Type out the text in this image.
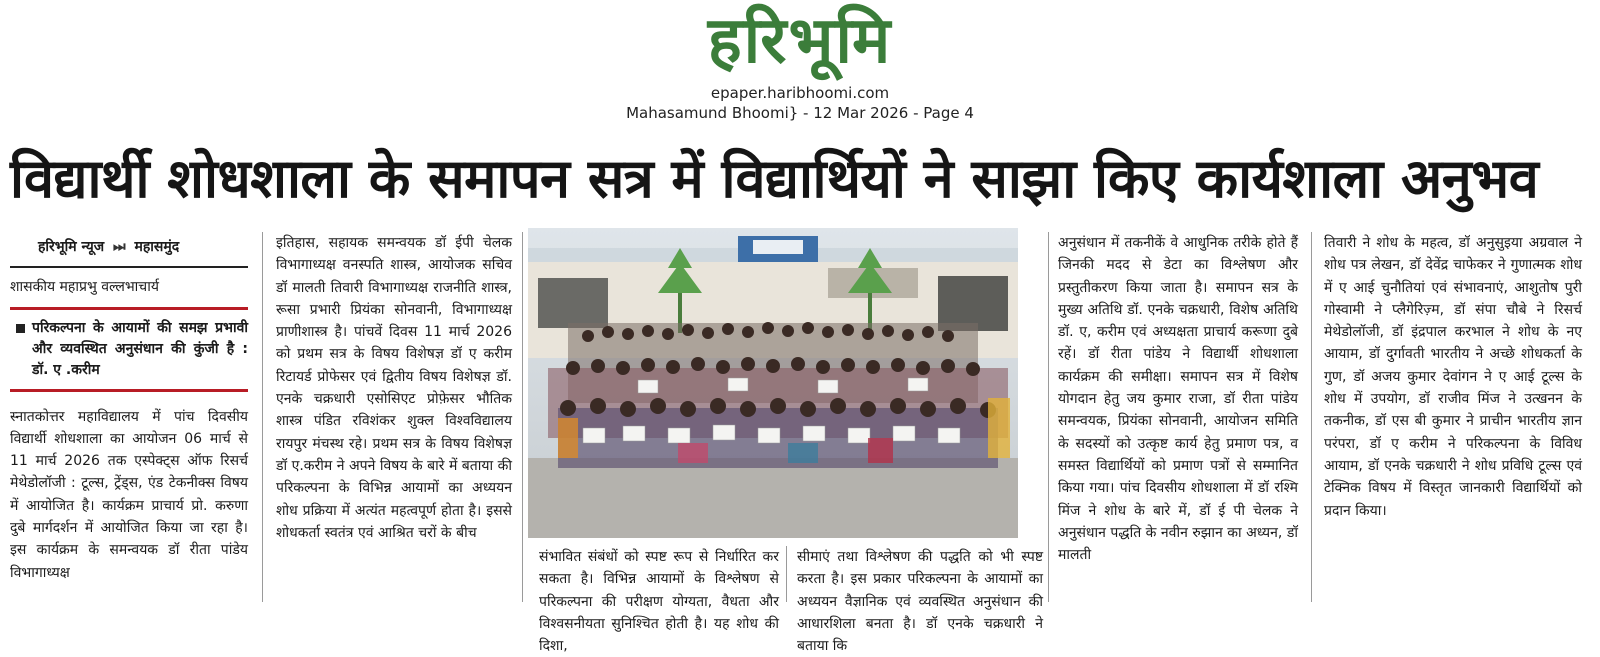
हरिभूमि
epaper.haribhoomi.com
Mahasamund Bhoomi} - 12 Mar 2026 - Page 4
विद्यार्थी शोधशाला के समापन सत्र में विद्यार्थियों ने साझा किए कार्यशाला अनुभव
हरिभूमि न्यूज ⏭ महासमुंद

शासकीय महाप्रभु वल्लभाचार्य

परिकल्पना के आयामों की समझ प्रभावी और व्यवस्थित अनुसंधान की कुंजी है : डॉ. ए .करीम

स्नातकोत्तर महाविद्यालय में पांच दिवसीय विद्यार्थी शोधशाला का आयोजन 06 मार्च से 11 मार्च 2026 तक एस्पेक्ट्स ऑफ रिसर्च मेथेडोलॉजी : टूल्स, ट्रेंड्स, एंड टेकनीक्स विषय में आयोजित है। कार्यक्रम प्राचार्य प्रो. करुणा दुबे मार्गदर्शन में आयोजित किया जा रहा है। इस कार्यक्रम के समन्वयक डॉ रीता पांडेय विभागाध्यक्ष

इतिहास, सहायक समन्वयक डॉ ईपी चेलक विभागाध्यक्ष वनस्पति शास्त्र, आयोजक सचिव डॉ मालती तिवारी विभागाध्यक्ष राजनीति शास्त्र, रूसा प्रभारी प्रियंका सोनवानी, विभागाध्यक्ष प्राणीशास्त्र है। पांचवें दिवस 11 मार्च 2026 को प्रथम सत्र के विषय विशेषज्ञ डॉ ए करीम रिटायर्ड प्रोफेसर एवं द्वितीय विषय विशेषज्ञ डॉ. एनके चक्रधारी एसोसिएट प्रोफ़ेसर भौतिक शास्त्र पंडित रविशंकर शुक्ल विश्वविद्यालय रायपुर मंचस्थ रहे। प्रथम सत्र के विषय विशेषज्ञ डॉ ए.करीम ने अपने विषय के बारे में बताया की परिकल्पना के विभिन्न आयामों का अध्ययन शोध प्रक्रिया में अत्यंत महत्वपूर्ण होता है। इससे शोधकर्ता स्वतंत्र एवं आश्रित चरों के बीच

संभावित संबंधों को स्पष्ट रूप से निर्धारित कर सकता है। विभिन्न आयामों के विश्लेषण से परिकल्पना की परीक्षण योग्यता, वैधता और विश्वसनीयता सुनिश्चित होती है। यह शोध की दिशा,

सीमाएं तथा विश्लेषण की पद्धति को भी स्पष्ट करता है। इस प्रकार परिकल्पना के आयामों का अध्ययन वैज्ञानिक एवं व्यवस्थित अनुसंधान की आधारशिला बनता है। डॉ एनके चक्रधारी ने बताया कि

अनुसंधान में तकनीकें वे आधुनिक तरीके होते हैं जिनकी मदद से डेटा का विश्लेषण और प्रस्तुतीकरण किया जाता है। समापन सत्र के मुख्य अतिथि डॉ. एनके चक्रधारी, विशेष अतिथि डॉ. ए, करीम एवं अध्यक्षता प्राचार्य करूणा दुबे रहें। डॉ रीता पांडेय ने विद्यार्थी शोधशाला कार्यक्रम की समीक्षा। समापन सत्र में विशेष योगदान हेतु जय कुमार राजा, डॉ रीता पांडेय समन्वयक, प्रियंका सोनवानी, आयोजन समिति के सदस्यों को उत्कृष्ट कार्य हेतु प्रमाण पत्र, व समस्त विद्यार्थियों को प्रमाण पत्रों से सम्मानित किया गया। पांच दिवसीय शोधशाला में डॉ रश्मि मिंज ने शोध के बारे में, डॉ ई पी चेलक ने अनुसंधान पद्धति के नवीन रुझान का अध्यन, डॉ मालती

तिवारी ने शोध के महत्व, डॉ अनुसुइया अग्रवाल ने शोध पत्र लेखन, डॉ देवेंद्र चाफेकर ने गुणात्मक शोध में ए आई चुनौतियां एवं संभावनाएं, आशुतोष पुरी गोस्वामी ने प्लैगेरिज़्म, डॉ संपा चौबे ने रिसर्च मेथेडोलॉजी, डॉ इंद्रपाल करभाल ने शोध के नए आयाम, डॉ दुर्गावती भारतीय ने अच्छे शोधकर्ता के गुण, डॉ अजय कुमार देवांगन ने ए आई टूल्स के शोध में उपयोग, डॉ राजीव मिंज ने उत्खनन के तकनीक, डॉ एस बी कुमार ने प्राचीन भारतीय ज्ञान परंपरा, डॉ ए करीम ने परिकल्पना के विविध आयाम, डॉ एनके चक्रधारी ने शोध प्रविधि टूल्स एवं टेक्निक विषय में विस्तृत जानकारी विद्यार्थियों को प्रदान किया।
